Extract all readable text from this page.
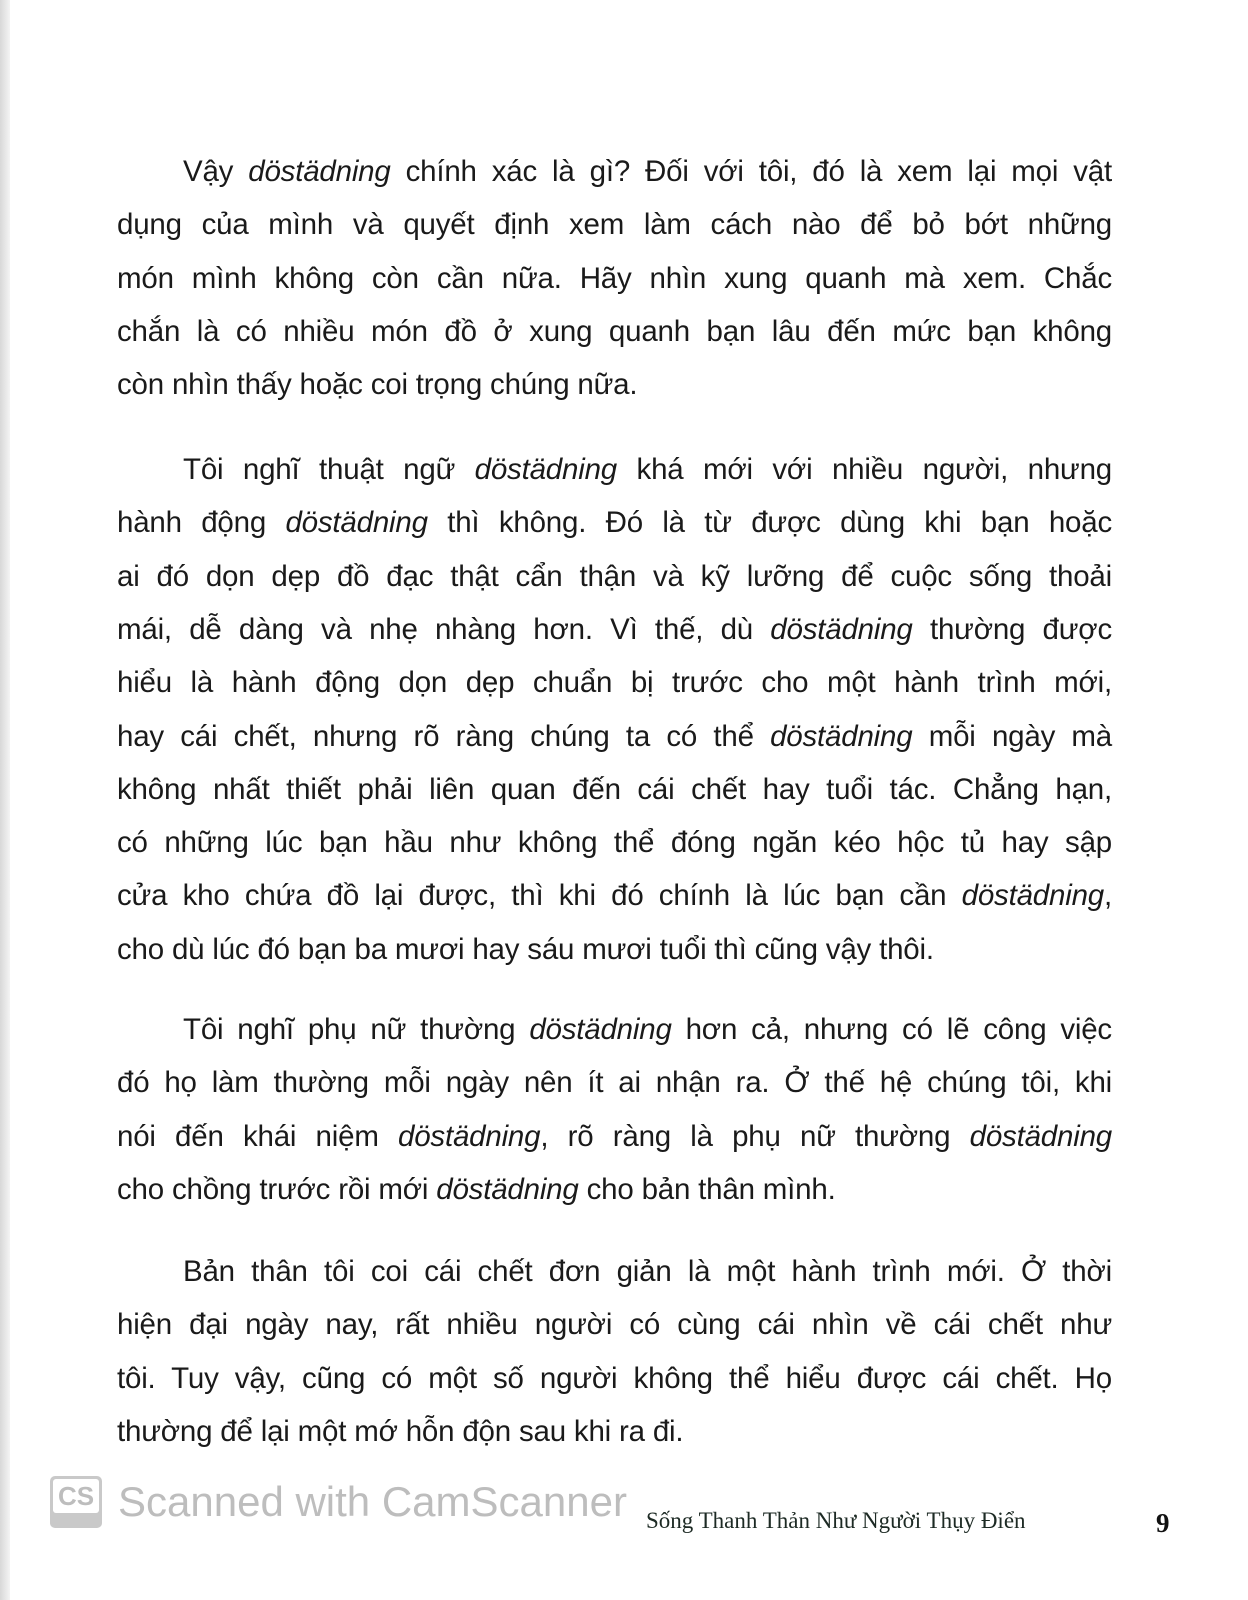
Vậy döstädning chính xác là gì? Đối với tôi, đó là xem lại mọi vật
dụng của mình và quyết định xem làm cách nào để bỏ bớt những
món mình không còn cần nữa. Hãy nhìn xung quanh mà xem. Chắc
chắn là có nhiều món đồ ở xung quanh bạn lâu đến mức bạn không
còn nhìn thấy hoặc coi trọng chúng nữa.
Tôi nghĩ thuật ngữ döstädning khá mới với nhiều người, nhưng
hành động döstädning thì không. Đó là từ được dùng khi bạn hoặc
ai đó dọn dẹp đồ đạc thật cẩn thận và kỹ lưỡng để cuộc sống thoải
mái, dễ dàng và nhẹ nhàng hơn. Vì thế, dù döstädning thường được
hiểu là hành động dọn dẹp chuẩn bị trước cho một hành trình mới,
hay cái chết, nhưng rõ ràng chúng ta có thể döstädning mỗi ngày mà
không nhất thiết phải liên quan đến cái chết hay tuổi tác. Chẳng hạn,
có những lúc bạn hầu như không thể đóng ngăn kéo hộc tủ hay sập
cửa kho chứa đồ lại được, thì khi đó chính là lúc bạn cần döstädning,
cho dù lúc đó bạn ba mươi hay sáu mươi tuổi thì cũng vậy thôi.
Tôi nghĩ phụ nữ thường döstädning hơn cả, nhưng có lẽ công việc
đó họ làm thường mỗi ngày nên ít ai nhận ra. Ở thế hệ chúng tôi, khi
nói đến khái niệm döstädning, rõ ràng là phụ nữ thường döstädning
cho chồng trước rồi mới döstädning cho bản thân mình.
Bản thân tôi coi cái chết đơn giản là một hành trình mới. Ở thời
hiện đại ngày nay, rất nhiều người có cùng cái nhìn về cái chết như
tôi. Tuy vậy, cũng có một số người không thể hiểu được cái chết. Họ
thường để lại một mớ hỗn độn sau khi ra đi.
CS Scanned with CamScanner Sống Thanh Thản Như Người Thụy Điển	9
